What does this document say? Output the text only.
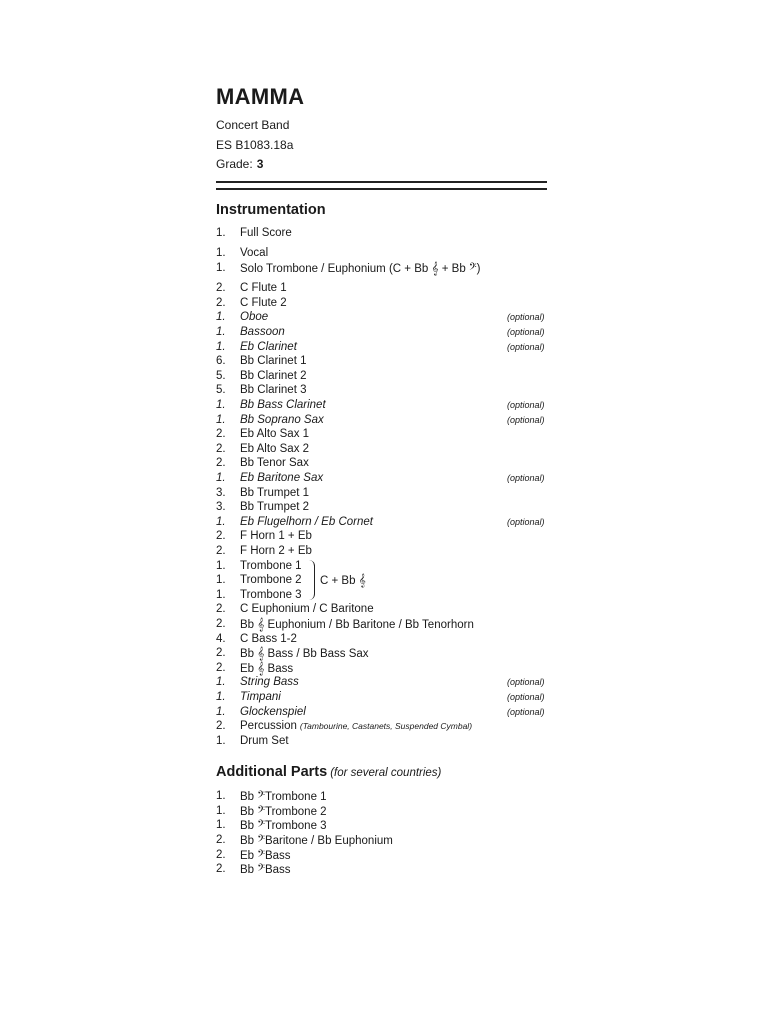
MAMMA
Concert Band
ES B1083.18a
Grade: 3
Instrumentation
1.	Full Score
1.	Vocal
1.	Solo Trombone / Euphonium (C + Bb 𝄞 + Bb 𝄢)
2.	C Flute 1
2.	C Flute 2
1.	Oboe	(optional)
1.	Bassoon	(optional)
1.	Eb Clarinet	(optional)
6.	Bb Clarinet 1
5.	Bb Clarinet 2
5.	Bb Clarinet 3
1.	Bb Bass Clarinet	(optional)
1.	Bb Soprano Sax	(optional)
2.	Eb Alto Sax 1
2.	Eb Alto Sax 2
2.	Bb Tenor Sax
1.	Eb Baritone Sax	(optional)
3.	Bb Trumpet 1
3.	Bb Trumpet 2
1.	Eb Flugelhorn / Eb Cornet	(optional)
2.	F Horn 1 + Eb
2.	F Horn 2 + Eb
1.	Trombone 1
1.	Trombone 2
1.	Trombone 3
C + Bb 𝄞
2.	C Euphonium / C Baritone
2.	Bb 𝄞 Euphonium / Bb Baritone / Bb Tenorhorn
4.	C Bass 1-2
2.	Bb 𝄞 Bass / Bb Bass Sax
2.	Eb 𝄞 Bass
1.	String Bass	(optional)
1.	Timpani	(optional)
1.	Glockenspiel	(optional)
2.	Percussion (Tambourine, Castanets, Suspended Cymbal)
1.	Drum Set
Additional Parts (for several countries)
1.	Bb 𝄢Trombone 1
1.	Bb 𝄢Trombone 2
1.	Bb 𝄢Trombone 3
2.	Bb 𝄢Baritone / Bb Euphonium
2.	Eb 𝄢Bass
2.	Bb 𝄢Bass
